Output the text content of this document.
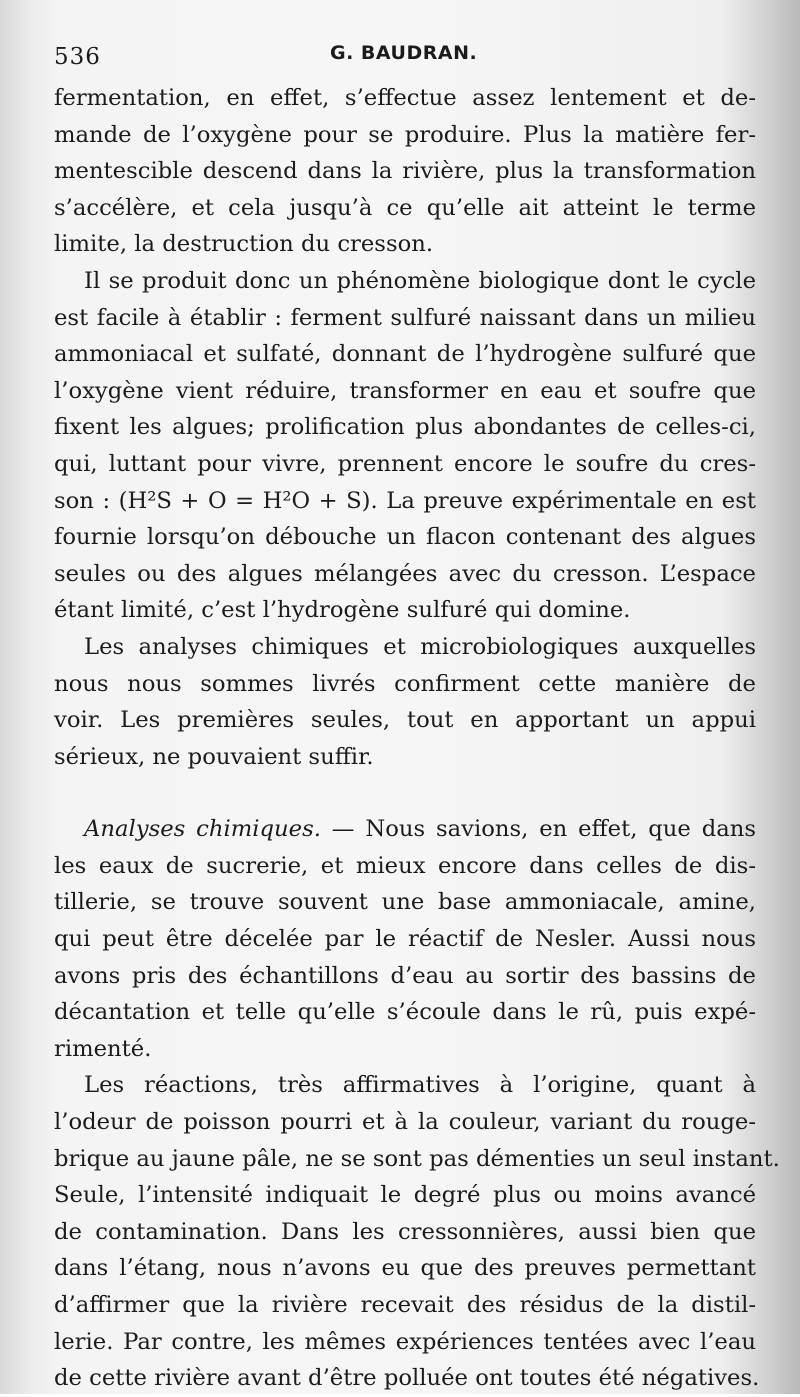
536	G. BAUDRAN.
fermentation, en effet, s’effectue assez lentement et de-
mande de l’oxygène pour se produire. Plus la matière fer-
mentescible descend dans la rivière, plus la transformation
s’accélère, et cela jusqu’à ce qu’elle ait atteint le terme
limite, la destruction du cresson.
Il se produit donc un phénomène biologique dont le cycle
est facile à établir : ferment sulfuré naissant dans un milieu
ammoniacal et sulfaté, donnant de l’hydrogène sulfuré que
l’oxygène vient réduire, transformer en eau et soufre que
fixent les algues; prolification plus abondantes de celles-ci,
qui, luttant pour vivre, prennent encore le soufre du cres-
son : (H²S + O = H²O + S). La preuve expérimentale en est
fournie lorsqu’on débouche un flacon contenant des algues
seules ou des algues mélangées avec du cresson. L’espace
étant limité, c’est l’hydrogène sulfuré qui domine.
Les analyses chimiques et microbiologiques auxquelles
nous nous sommes livrés confirment cette manière de
voir. Les premières seules, tout en apportant un appui
sérieux, ne pouvaient suffir.
Analyses chimiques. — Nous savions, en effet, que dans
les eaux de sucrerie, et mieux encore dans celles de dis-
tillerie, se trouve souvent une base ammoniacale, amine,
qui peut être décelée par le réactif de Nesler. Aussi nous
avons pris des échantillons d’eau au sortir des bassins de
décantation et telle qu’elle s’écoule dans le rû, puis expé-
rimenté.
Les réactions, très affirmatives à l’origine, quant à
l’odeur de poisson pourri et à la couleur, variant du rouge-
brique au jaune pâle, ne se sont pas démenties un seul instant.
Seule, l’intensité indiquait le degré plus ou moins avancé
de contamination. Dans les cressonnières, aussi bien que
dans l’étang, nous n’avons eu que des preuves permettant
d’affirmer que la rivière recevait des résidus de la distil-
lerie. Par contre, les mêmes expériences tentées avec l’eau
de cette rivière avant d’être polluée ont toutes été négatives.
